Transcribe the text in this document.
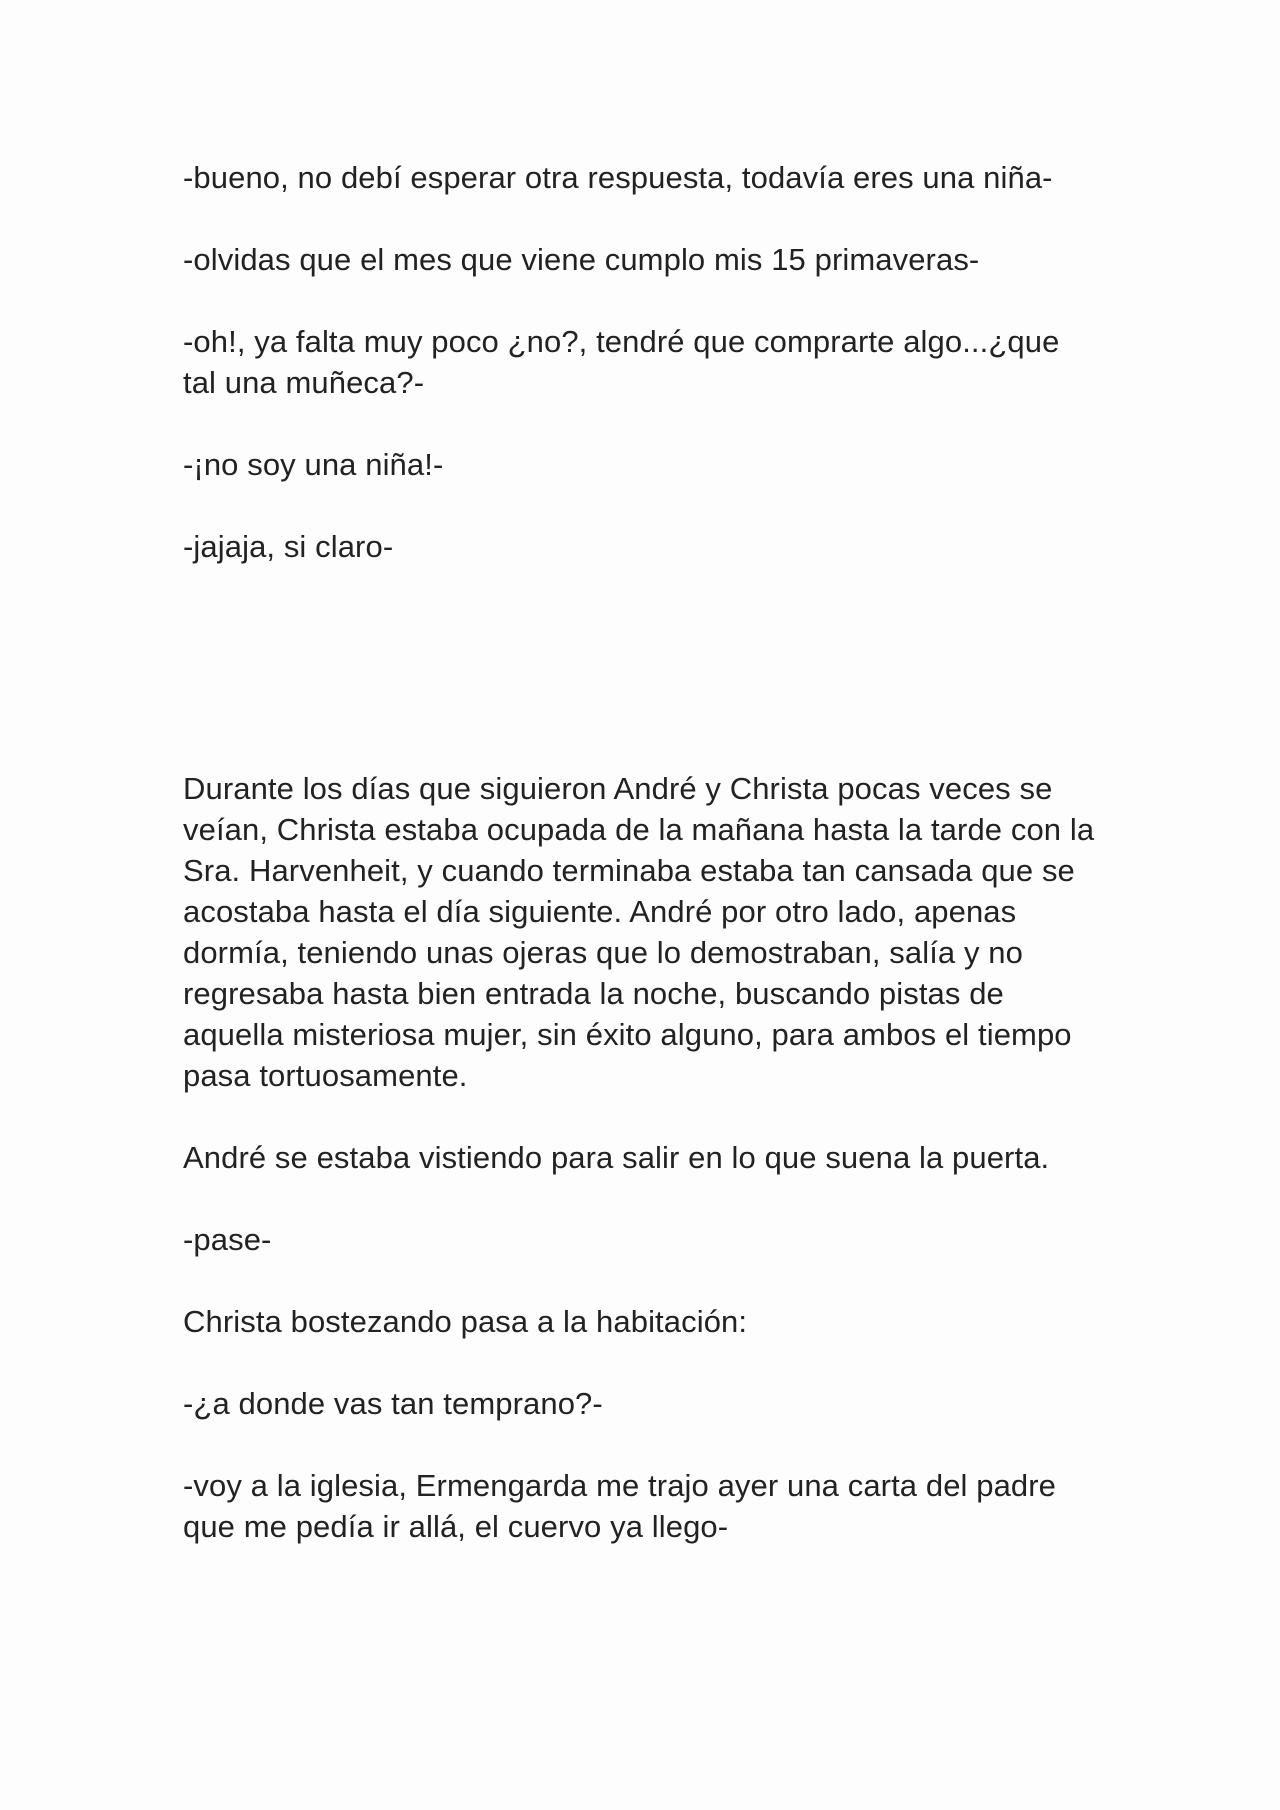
-bueno, no debí esperar otra respuesta, todavía eres una niña-

-olvidas que el mes que viene cumplo mis 15 primaveras-

-oh!, ya falta muy poco ¿no?, tendré que comprarte algo...¿que tal una muñeca?-

-¡no soy una niña!-

-jajaja, si claro-

Durante los días que siguieron André y Christa pocas veces se veían, Christa estaba ocupada de la mañana hasta la tarde con la Sra. Harvenheit, y cuando terminaba estaba tan cansada que se acostaba hasta el día siguiente. André por otro lado, apenas dormía, teniendo unas ojeras que lo demostraban, salía y no regresaba hasta bien entrada la noche, buscando pistas de aquella misteriosa mujer, sin éxito alguno, para ambos el tiempo pasa tortuosamente.

André se estaba vistiendo para salir en lo que suena la puerta.

-pase-

Christa bostezando pasa a la habitación:

-¿a donde vas tan temprano?-

-voy a la iglesia, Ermengarda me trajo ayer una carta del padre que me pedía ir allá, el cuervo ya llego-
